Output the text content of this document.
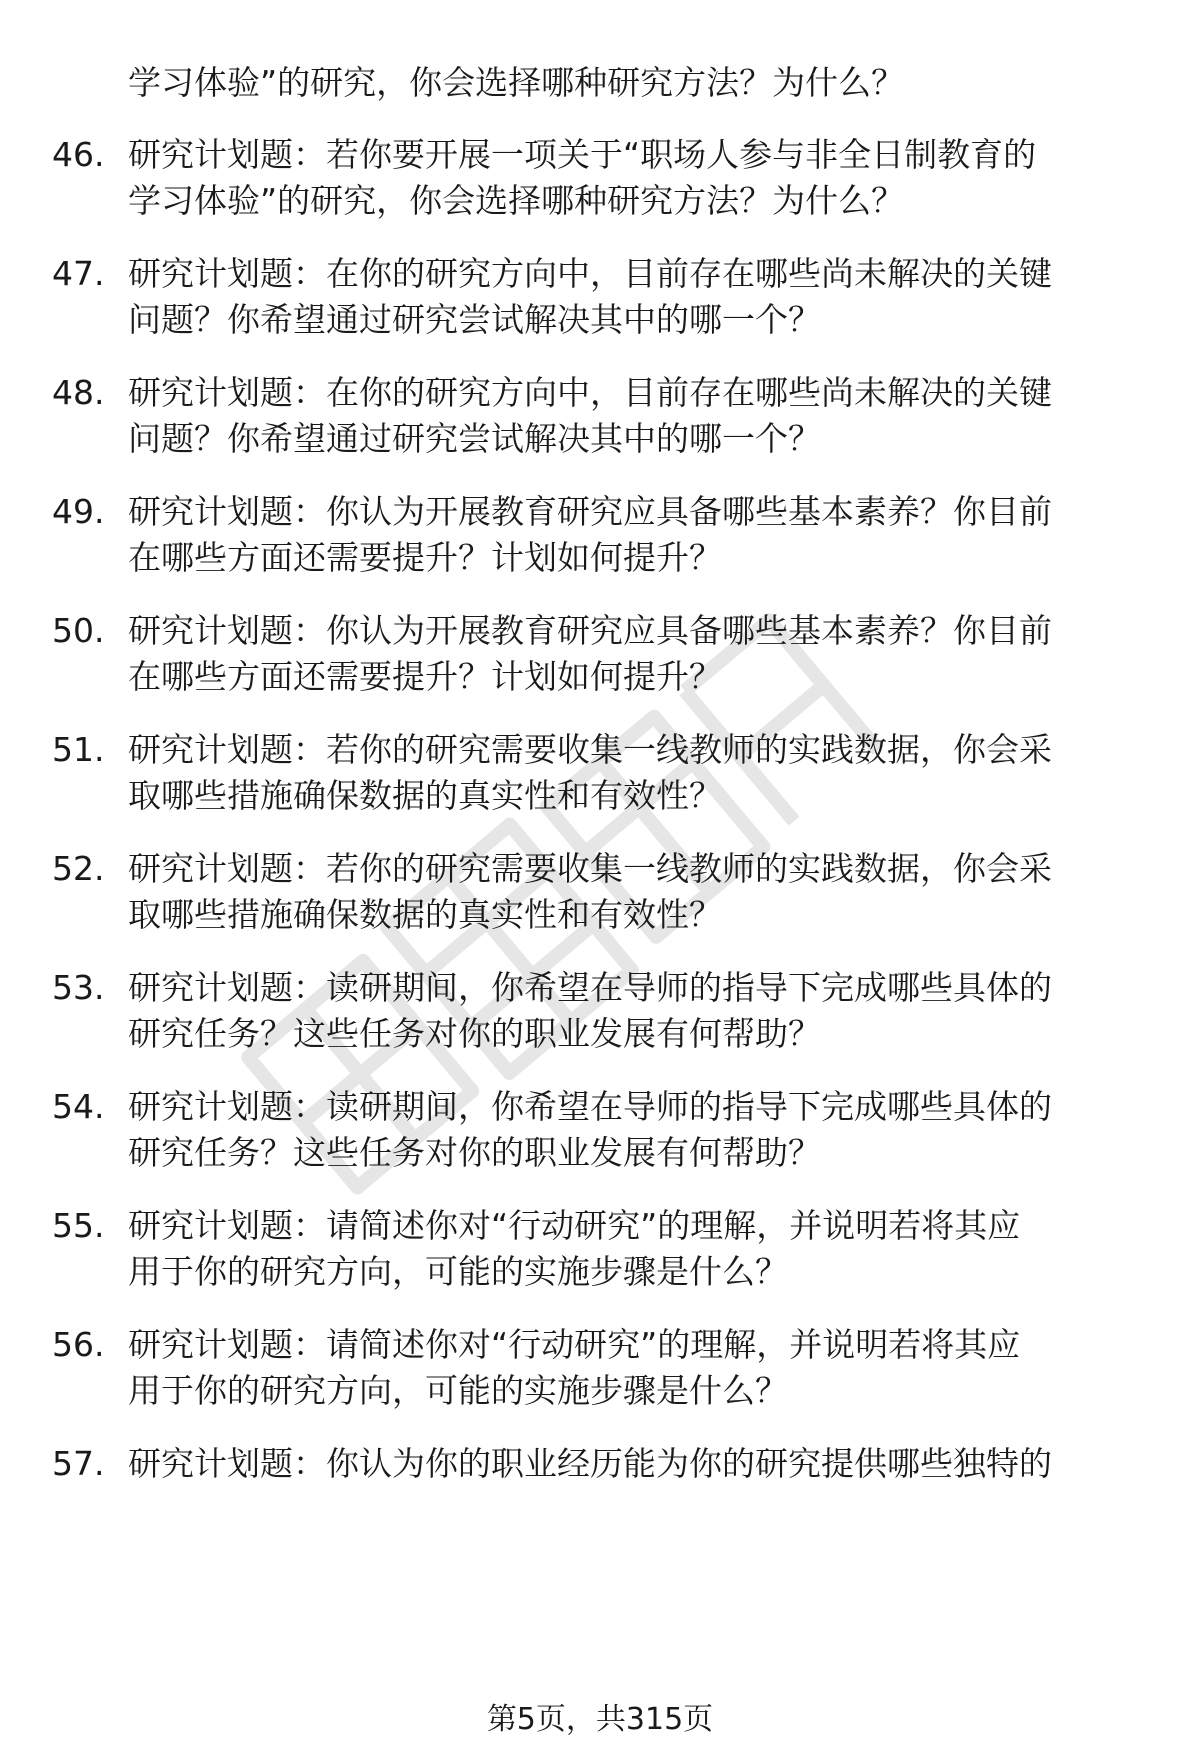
学习体验”的研究，你会选择哪种研究方法？为什么？
46. 研究计划题：若你要开展一项关于“职场人参与非全日制教育的
学习体验”的研究，你会选择哪种研究方法？为什么？
47. 研究计划题：在你的研究方向中，目前存在哪些尚未解决的关键
问题？你希望通过研究尝试解决其中的哪一个？
48. 研究计划题：在你的研究方向中，目前存在哪些尚未解决的关键
问题？你希望通过研究尝试解决其中的哪一个？
49. 研究计划题：你认为开展教育研究应具备哪些基本素养？你目前
在哪些方面还需要提升？计划如何提升？
50. 研究计划题：你认为开展教育研究应具备哪些基本素养？你目前
在哪些方面还需要提升？计划如何提升？
51. 研究计划题：若你的研究需要收集一线教师的实践数据，你会采
取哪些措施确保数据的真实性和有效性？
52. 研究计划题：若你的研究需要收集一线教师的实践数据，你会采
取哪些措施确保数据的真实性和有效性？
53. 研究计划题：读研期间，你希望在导师的指导下完成哪些具体的
研究任务？这些任务对你的职业发展有何帮助？
54. 研究计划题：读研期间，你希望在导师的指导下完成哪些具体的
研究任务？这些任务对你的职业发展有何帮助？
55. 研究计划题：请简述你对“行动研究”的理解，并说明若将其应
用于你的研究方向，可能的实施步骤是什么？
56. 研究计划题：请简述你对“行动研究”的理解，并说明若将其应
用于你的研究方向，可能的实施步骤是什么？
57. 研究计划题：你认为你的职业经历能为你的研究提供哪些独特的
第5页，共315页
